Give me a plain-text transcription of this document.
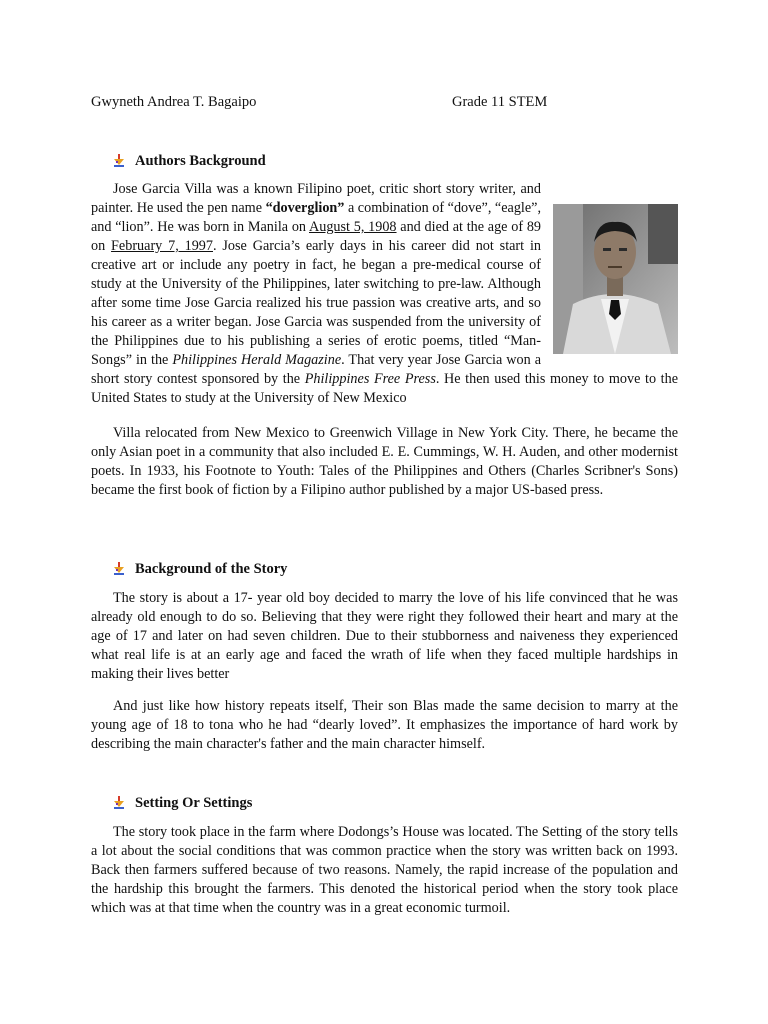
Gwyneth Andrea T. Bagaipo	Grade 11 STEM
Authors Background
Jose Garcia Villa was a known Filipino poet, critic short story writer, and painter. He used the pen name “doverglion” a combination of “dove”, “eagle”, and “lion”. He was born in Manila on August 5, 1908 and died at the age of 89 on February 7, 1997. Jose Garcia’s early days in his career did not start in creative art or include any poetry in fact, he began a pre-medical course of study at the University of the Philippines, later switching to pre-law. Although after some time Jose Garcia realized his true passion was creative arts, and so his career as a writer began. Jose Garcia was suspended from the university of the Philippines due to his publishing a series of erotic poems, titled “Man-Songs” in the Philippines Herald Magazine. That very year Jose Garcia won a short story contest sponsored by the Philippines Free Press. He then used this money to move to the United States to study at the University of New Mexico
Villa relocated from New Mexico to Greenwich Village in New York City. There, he became the only Asian poet in a community that also included E. E. Cummings, W. H. Auden, and other modernist poets. In 1933, his Footnote to Youth: Tales of the Philippines and Others (Charles Scribner's Sons) became the first book of fiction by a Filipino author published by a major US-based press.
Background of the Story
The story is about a 17- year old boy decided to marry the love of his life convinced that he was already old enough to do so. Believing that they were right they followed their heart and mary at the age of 17 and later on had seven children. Due to their stubborness and naiveness they experienced what real life is at an early age and faced the wrath of life when they faced multiple hardships in making their lives better
And just like how history repeats itself, Their son Blas made the same decision to marry at the young age of 18 to tona who he had “dearly loved”. It emphasizes the importance of hard work by describing the main character's father and the main character himself.
Setting Or Settings
The story took place in the farm where Dodongs’s House was located. The Setting of the story tells a lot about the social conditions that was common practice when the story was written back on 1993. Back then farmers suffered because of two reasons. Namely, the rapid increase of the population and the hardship this brought the farmers. This denoted the historical period when the story took place which was at that time when the country was in a great economic turmoil.
